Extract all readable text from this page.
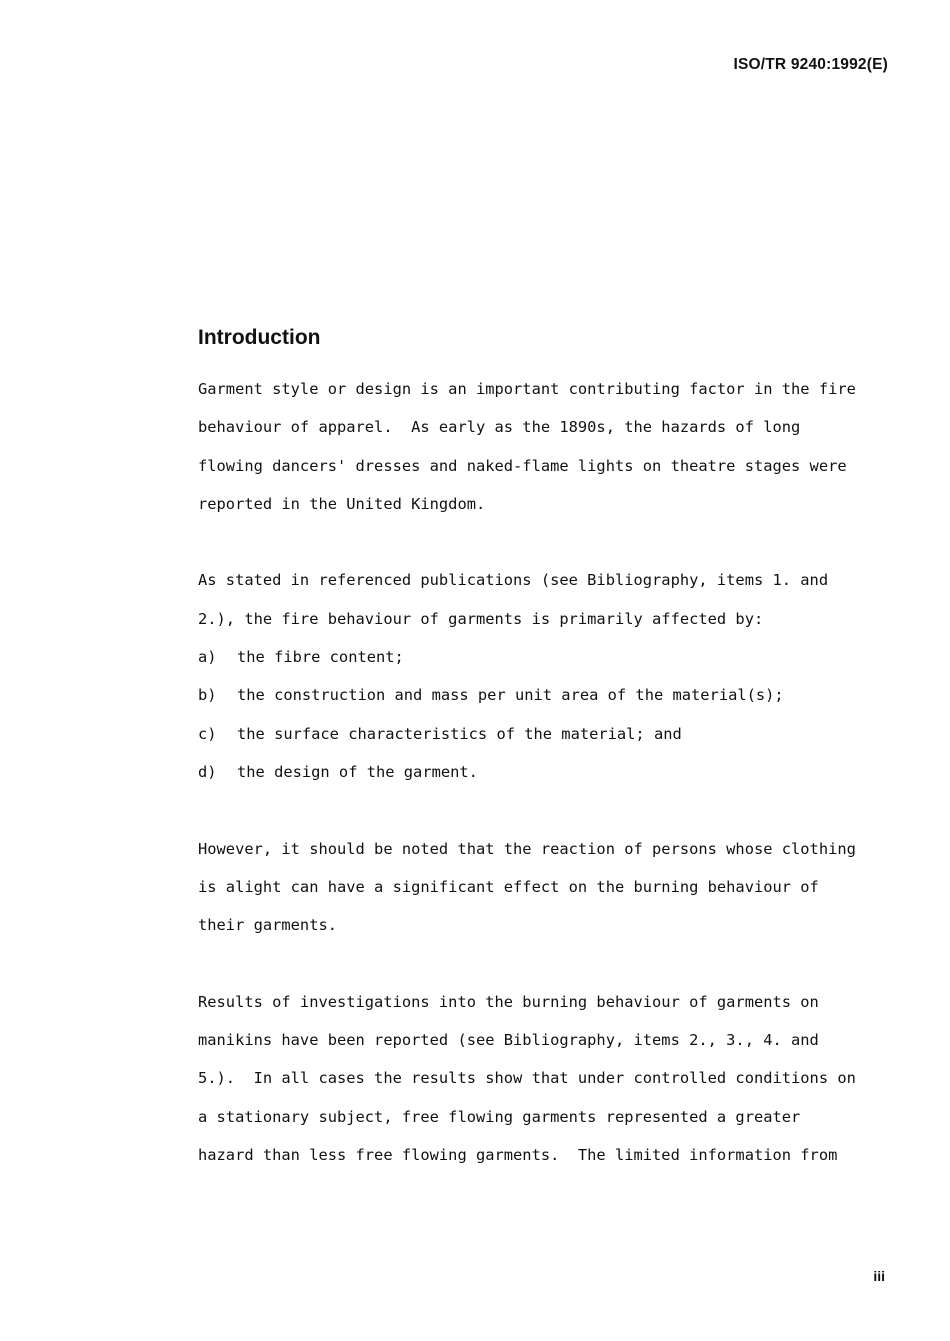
ISO/TR 9240:1992(E)
Introduction
Garment style or design is an important contributing factor in the fire
behaviour of apparel.  As early as the 1890s, the hazards of long
flowing dancers' dresses and naked-flame lights on theatre stages were
reported in the United Kingdom.
As stated in referenced publications (see Bibliography, items 1. and
2.), the fire behaviour of garments is primarily affected by:
a) the fibre content;
b) the construction and mass per unit area of the material(s);
c) the surface characteristics of the material; and
d) the design of the garment.
However, it should be noted that the reaction of persons whose clothing
is alight can have a significant effect on the burning behaviour of
their garments.
Results of investigations into the burning behaviour of garments on
manikins have been reported (see Bibliography, items 2., 3., 4. and
5.).  In all cases the results show that under controlled conditions on
a stationary subject, free flowing garments represented a greater
hazard than less free flowing garments.  The limited information from
iii
